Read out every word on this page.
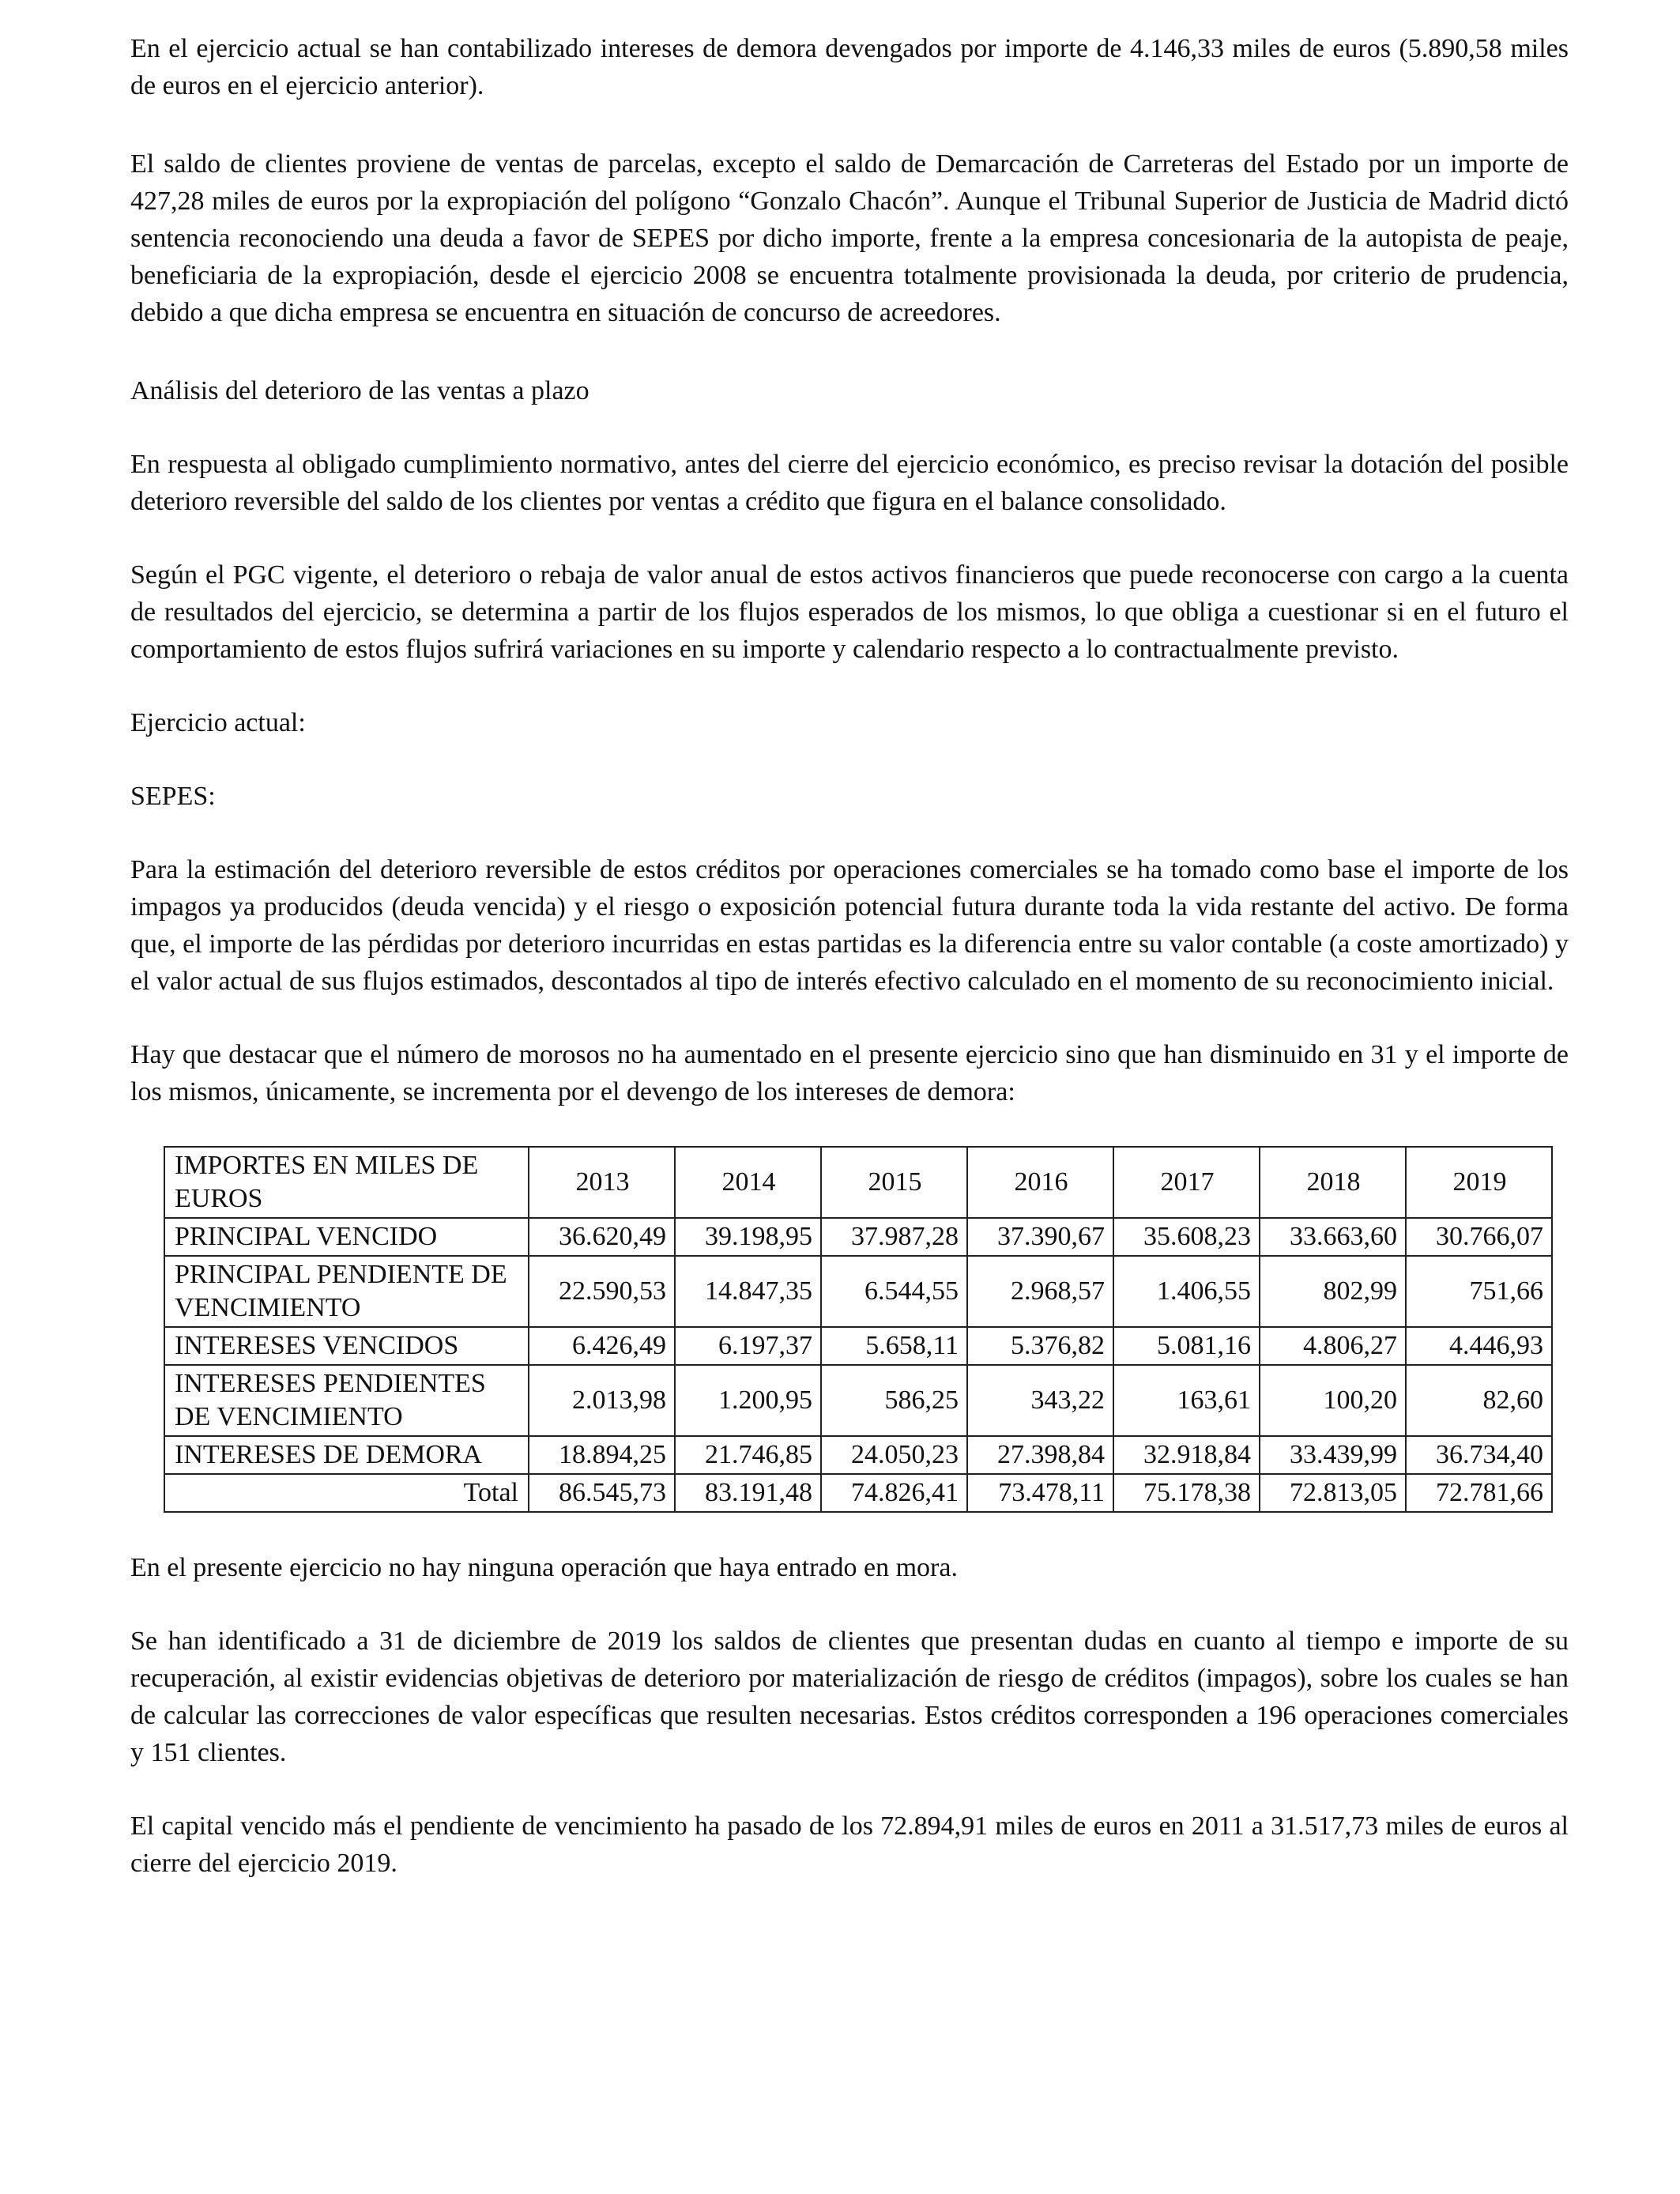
En el ejercicio actual se han contabilizado intereses de demora devengados por importe de 4.146,33 miles de euros (5.890,58 miles de euros en el ejercicio anterior).

El saldo de clientes proviene de ventas de parcelas, excepto el saldo de Demarcación de Carreteras del Estado por un importe de 427,28 miles de euros por la expropiación del polígono “Gonzalo Chacón”. Aunque el Tribunal Superior de Justicia de Madrid dictó sentencia reconociendo una deuda a favor de SEPES por dicho importe, frente a la empresa concesionaria de la autopista de peaje, beneficiaria de la expropiación, desde el ejercicio 2008 se encuentra totalmente provisionada la deuda, por criterio de prudencia, debido a que dicha empresa se encuentra en situación de concurso de acreedores.

Análisis del deterioro de las ventas a plazo

En respuesta al obligado cumplimiento normativo, antes del cierre del ejercicio económico, es preciso revisar la dotación del posible deterioro reversible del saldo de los clientes por ventas a crédito que figura en el balance consolidado.

Según el PGC vigente, el deterioro o rebaja de valor anual de estos activos financieros que puede reconocerse con cargo a la cuenta de resultados del ejercicio, se determina a partir de los flujos esperados de los mismos, lo que obliga a cuestionar si en el futuro el comportamiento de estos flujos sufrirá variaciones en su importe y calendario respecto a lo contractualmente previsto.

Ejercicio actual:

SEPES:

Para la estimación del deterioro reversible de estos créditos por operaciones comerciales se ha tomado como base el importe de los impagos ya producidos (deuda vencida) y el riesgo o exposición potencial futura durante toda la vida restante del activo. De forma que, el importe de las pérdidas por deterioro incurridas en estas partidas es la diferencia entre su valor contable (a coste amortizado) y el valor actual de sus flujos estimados, descontados al tipo de interés efectivo calculado en el momento de su reconocimiento inicial.

Hay que destacar que el número de morosos no ha aumentado en el presente ejercicio sino que han disminuido en 31 y el importe de los mismos, únicamente, se incrementa por el devengo de los intereses de demora:

IMPORTES EN MILES DE EUROS	2013	2014	2015	2016	2017	2018	2019
PRINCIPAL VENCIDO	36.620,49	39.198,95	37.987,28	37.390,67	35.608,23	33.663,60	30.766,07
PRINCIPAL PENDIENTE DE VENCIMIENTO	22.590,53	14.847,35	6.544,55	2.968,57	1.406,55	802,99	751,66
INTERESES VENCIDOS	6.426,49	6.197,37	5.658,11	5.376,82	5.081,16	4.806,27	4.446,93
INTERESES PENDIENTES DE VENCIMIENTO	2.013,98	1.200,95	586,25	343,22	163,61	100,20	82,60
INTERESES DE DEMORA	18.894,25	21.746,85	24.050,23	27.398,84	32.918,84	33.439,99	36.734,40
Total	86.545,73	83.191,48	74.826,41	73.478,11	75.178,38	72.813,05	72.781,66

En el presente ejercicio no hay ninguna operación que haya entrado en mora.

Se han identificado a 31 de diciembre de 2019 los saldos de clientes que presentan dudas en cuanto al tiempo e importe de su recuperación, al existir evidencias objetivas de deterioro por materialización de riesgo de créditos (impagos), sobre los cuales se han de calcular las correcciones de valor específicas que resulten necesarias. Estos créditos corresponden a 196 operaciones comerciales y 151 clientes.

El capital vencido más el pendiente de vencimiento ha pasado de los 72.894,91 miles de euros en 2011 a 31.517,73 miles de euros al cierre del ejercicio 2019.
